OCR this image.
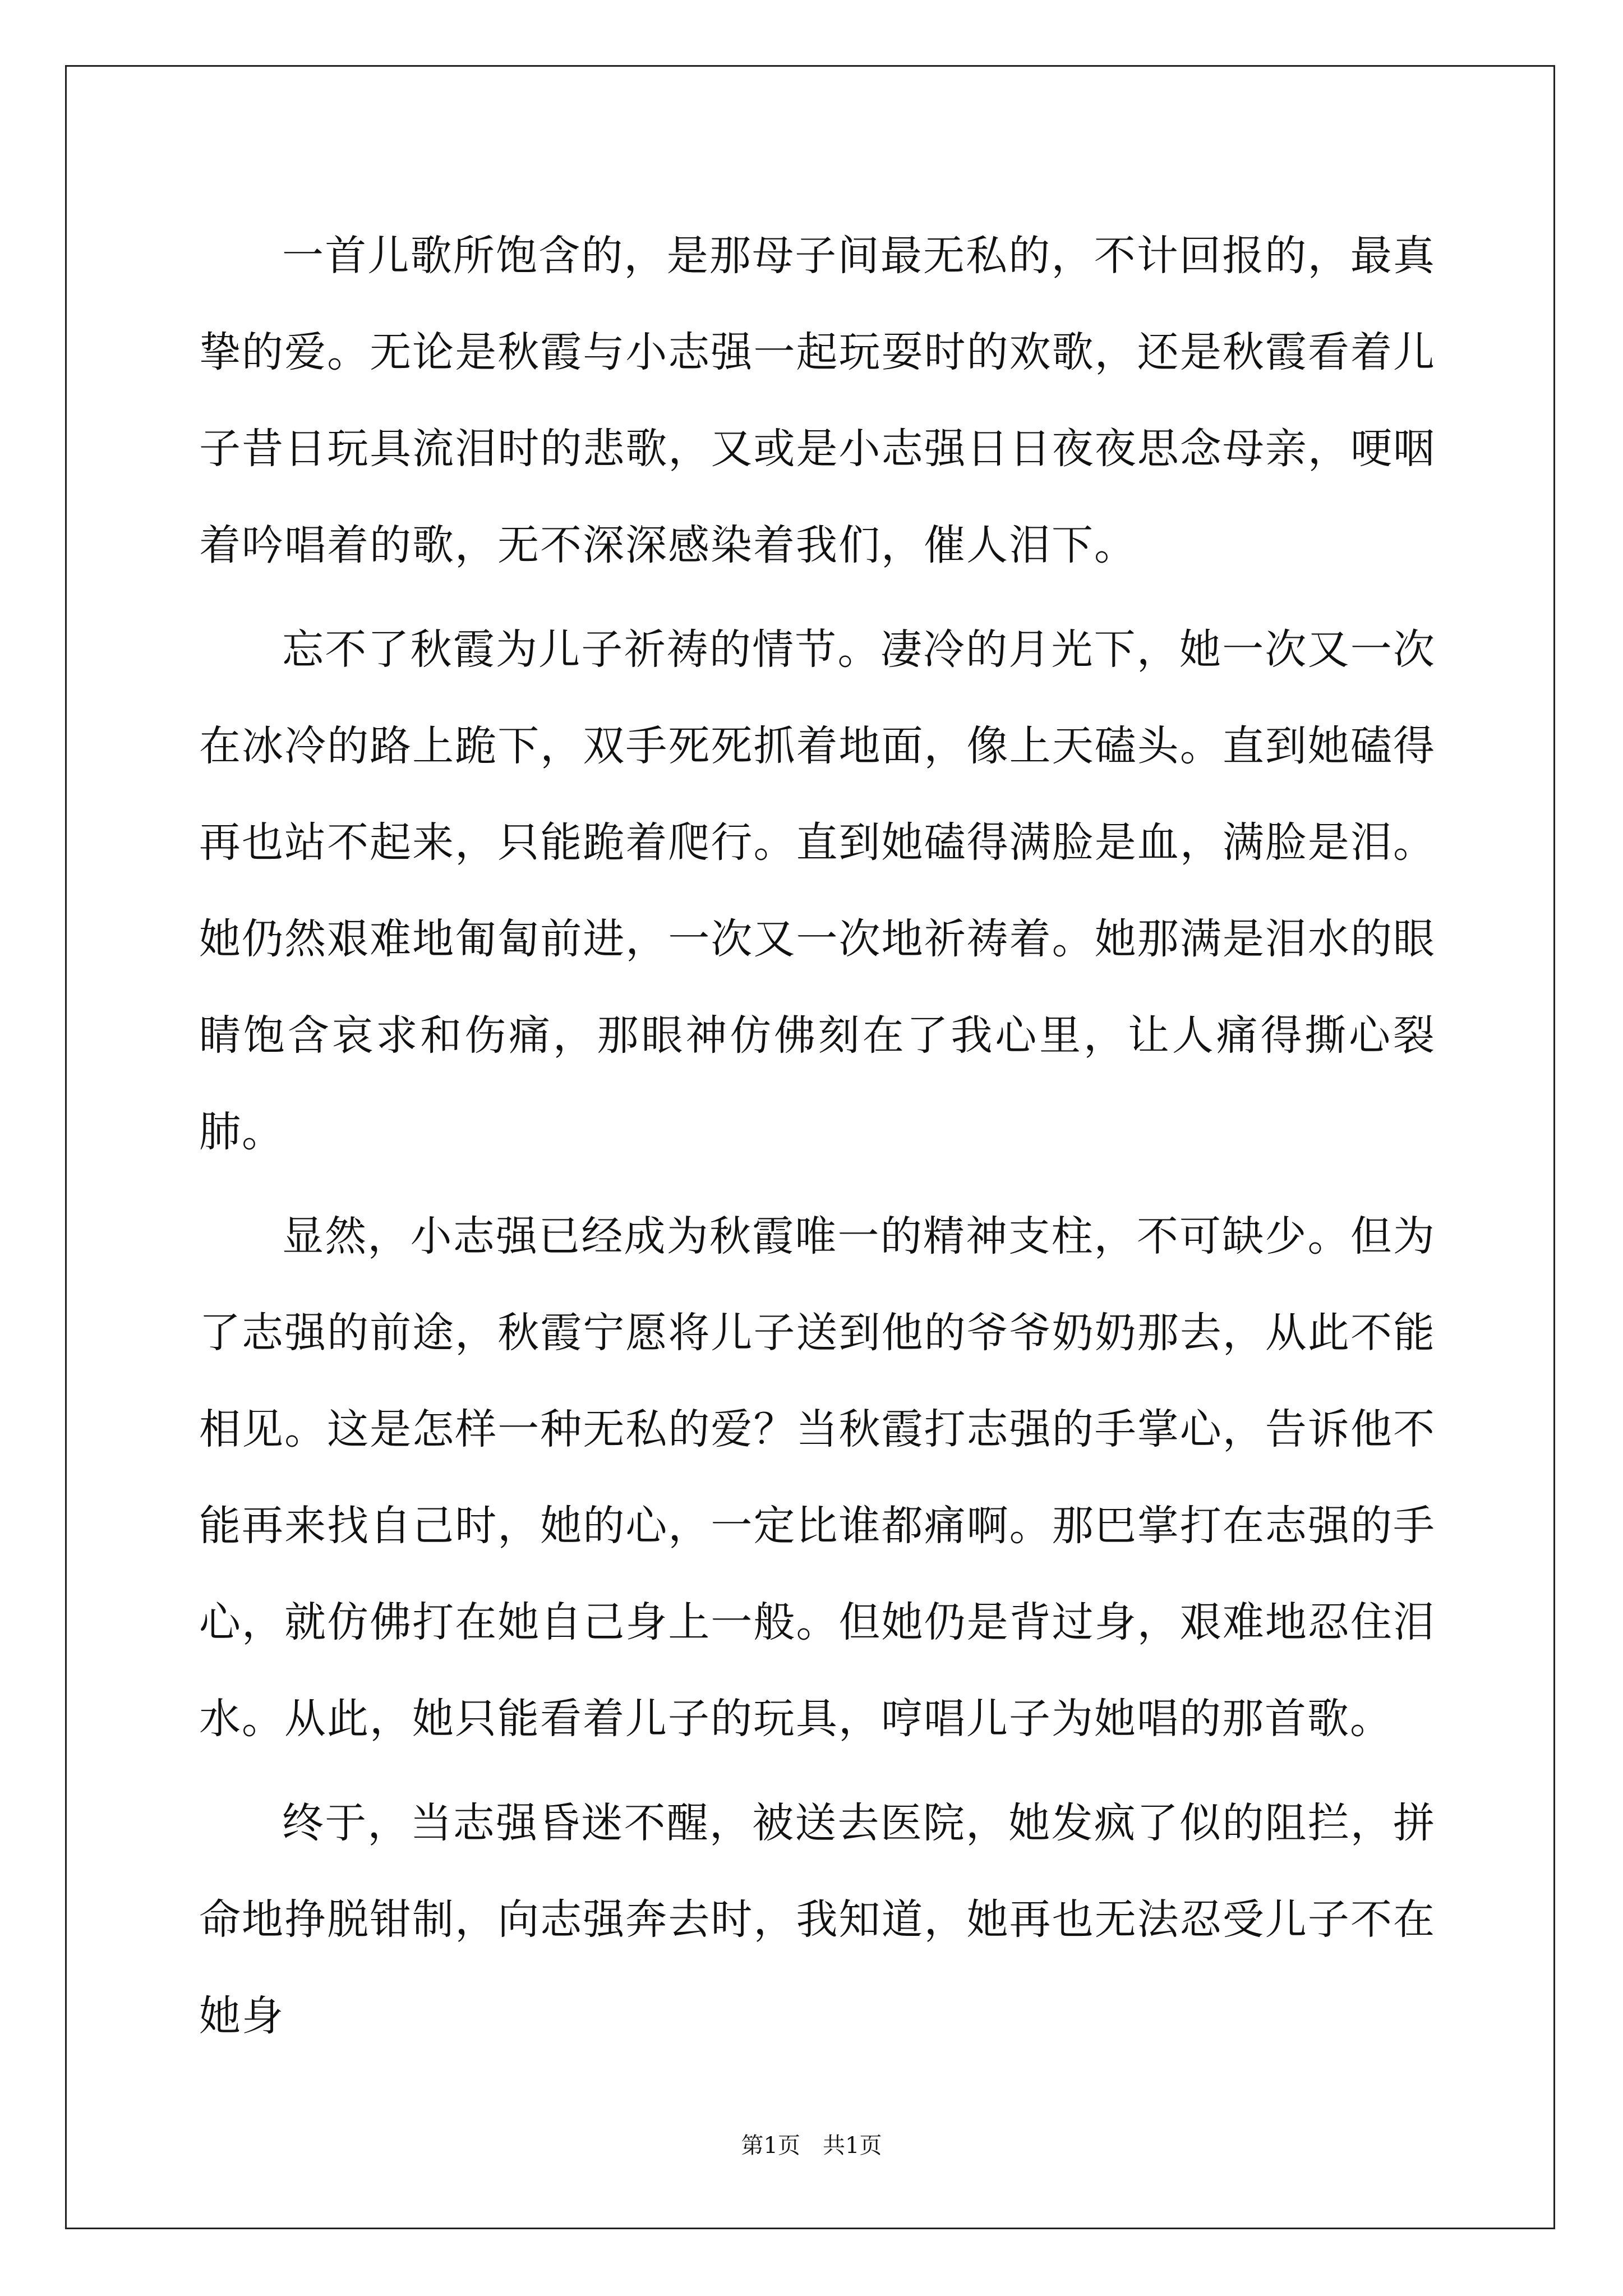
一首儿歌所饱含的，是那母子间最无私的，不计回报的，最真挚的爱。无论是秋霞与小志强一起玩耍时的欢歌，还是秋霞看着儿子昔日玩具流泪时的悲歌，又或是小志强日日夜夜思念母亲，哽咽着吟唱着的歌，无不深深感染着我们，催人泪下。

忘不了秋霞为儿子祈祷的情节。凄冷的月光下，她一次又一次在冰冷的路上跪下，双手死死抓着地面，像上天磕头。直到她磕得再也站不起来，只能跪着爬行。直到她磕得满脸是血，满脸是泪。她仍然艰难地匍匐前进，一次又一次地祈祷着。她那满是泪水的眼睛饱含哀求和伤痛，那眼神仿佛刻在了我心里，让人痛得撕心裂肺。

显然，小志强已经成为秋霞唯一的精神支柱，不可缺少。但为了志强的前途，秋霞宁愿将儿子送到他的爷爷奶奶那去，从此不能相见。这是怎样一种无私的爱？当秋霞打志强的手掌心，告诉他不能再来找自己时，她的心，一定比谁都痛啊。那巴掌打在志强的手心，就仿佛打在她自己身上一般。但她仍是背过身，艰难地忍住泪水。从此，她只能看着儿子的玩具，哼唱儿子为她唱的那首歌。

终于，当志强昏迷不醒，被送去医院，她发疯了似的阻拦，拼命地挣脱钳制，向志强奔去时，我知道，她再也无法忍受儿子不在她身

第1页　共1页
